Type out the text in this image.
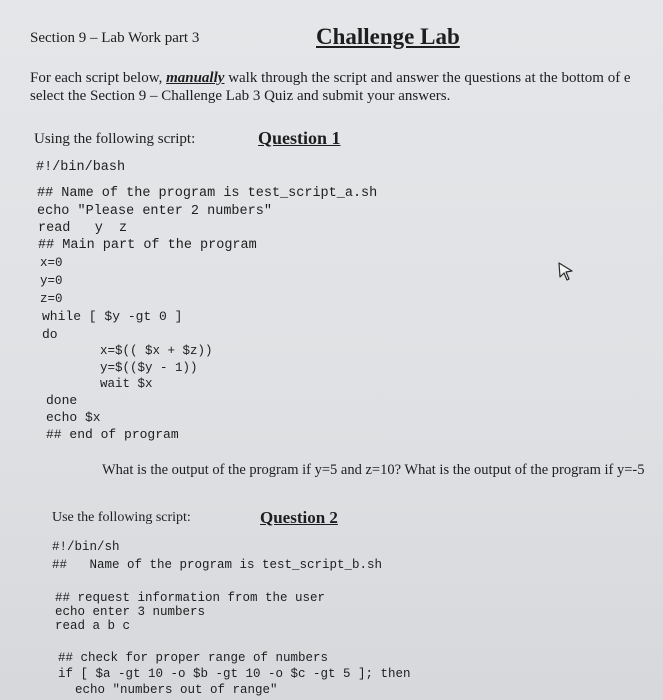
Section 9 – Lab Work part 3	Challenge Lab
For each script below, manually walk through the script and answer the questions at the bottom of e
select the Section 9 – Challenge Lab 3 Quiz and submit your answers.
Using the following script:	Question 1
#!/bin/bash
## Name of the program is test_script_a.sh
echo "Please enter 2 numbers"
read   y  z
## Main part of the program
x=0
y=0
z=0
while [ $y -gt 0 ]
do
x=$(( $x + $z))
y=$(($y - 1))
wait $x
done
echo $x
## end of program
What is the output of the program if y=5 and z=10? What is the output of the program if y=-5
Use the following script:	Question 2
#!/bin/sh
##   Name of the program is test_script_b.sh
## request information from the user
echo enter 3 numbers
read a b c
## check for proper range of numbers
if [ $a -gt 10 -o $b -gt 10 -o $c -gt 5 ]; then
echo "numbers out of range"
